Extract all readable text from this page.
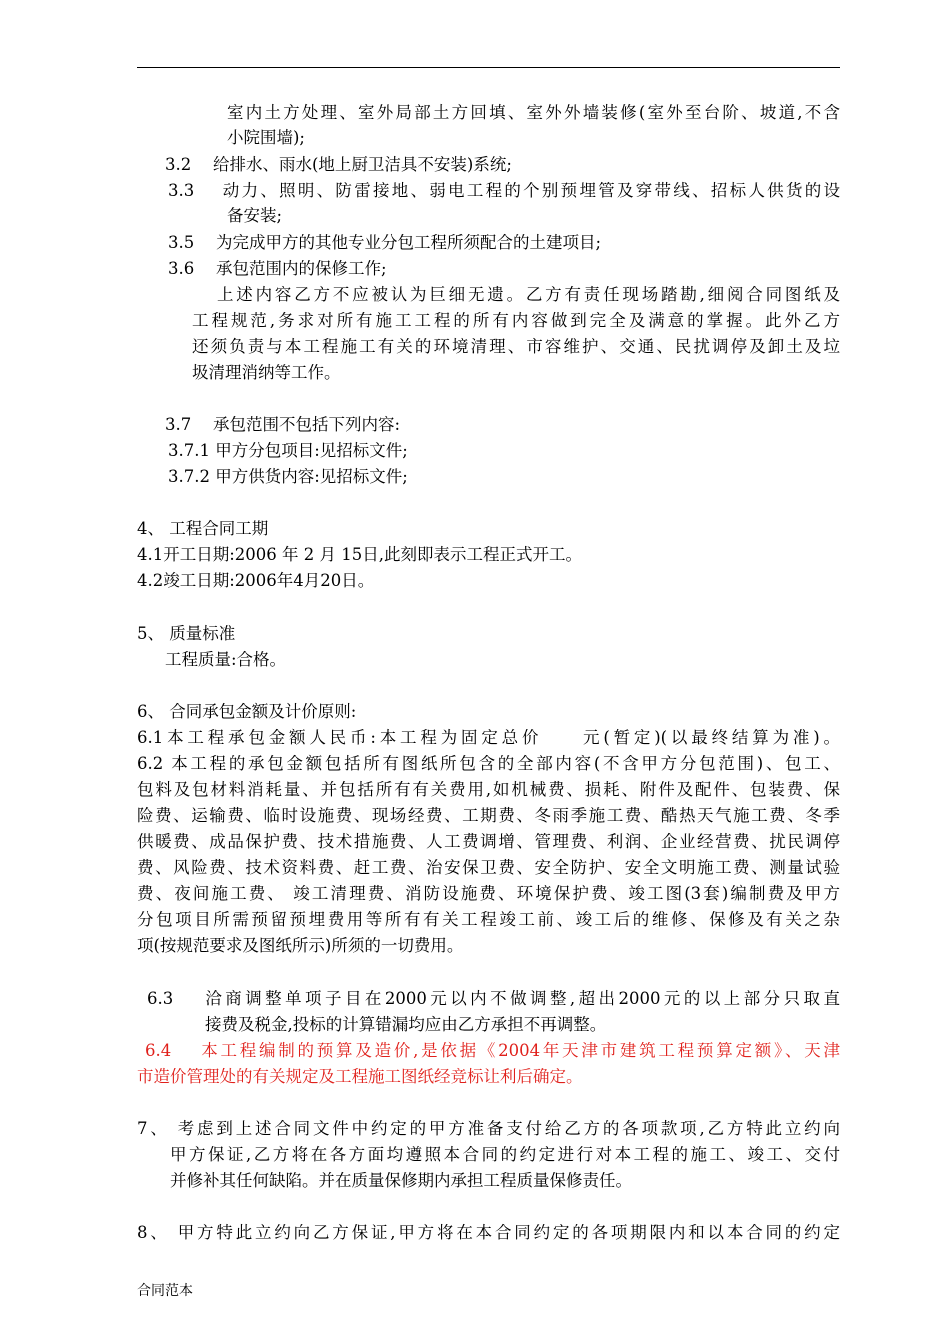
室内土方处理、室外局部土方回填、室外外墙装修(室外至台阶、坡道,不含
小院围墙);
3.2　 给排水、雨水(地上厨卫洁具不安装)系统;
3.3　 动力、照明、防雷接地、弱电工程的个别预埋管及穿带线、招标人供货的设
备安装;
3.5　 为完成甲方的其他专业分包工程所须配合的土建项目;
3.6　 承包范围内的保修工作;
上述内容乙方不应被认为巨细无遗。乙方有责任现场踏勘,细阅合同图纸及
工程规范,务求对所有施工工程的所有内容做到完全及满意的掌握。此外乙方
还须负责与本工程施工有关的环境清理、市容维护、交通、民扰调停及卸土及垃
圾清理消纳等工作。
3.7　 承包范围不包括下列内容:
3.7.1 甲方分包项目:见招标文件;
3.7.2 甲方供货内容:见招标文件;
4、 工程合同工期
4.1开工日期:2006 年 2 月 15日,此刻即表示工程正式开工。
4.2竣工日期:2006年4月20日。
5、 质量标准
工程质量:合格。
6、 合同承包金额及计价原则:
6.1本工程承包金额人民币:本工程为固定总价　　元(暂定)(以最终结算为准)。
6.2 本工程的承包金额包括所有图纸所包含的全部内容(不含甲方分包范围)、包工、
包料及包材料消耗量、并包括所有有关费用,如机械费、损耗、附件及配件、包装费、保
险费、运输费、临时设施费、现场经费、工期费、冬雨季施工费、酷热天气施工费、冬季
供暖费、成品保护费、技术措施费、人工费调增、管理费、利润、企业经营费、扰民调停
费、风险费、技术资料费、赶工费、治安保卫费、安全防护、安全文明施工费、测量试验
费、夜间施工费、 竣工清理费、消防设施费、环境保护费、竣工图(3套)编制费及甲方
分包项目所需预留预埋费用等所有有关工程竣工前、竣工后的维修、保修及有关之杂
项(按规范要求及图纸所示)所须的一切费用。
6.3　 洽商调整单项子目在2000元以内不做调整,超出2000元的以上部分只取直
接费及税金,投标的计算错漏均应由乙方承担不再调整。
6.4　 本工程编制的预算及造价,是依据《2004年天津市建筑工程预算定额》、天津
市造价管理处的有关规定及工程施工图纸经竞标让利后确定。
7、 考虑到上述合同文件中约定的甲方准备支付给乙方的各项款项,乙方特此立约向
甲方保证,乙方将在各方面均遵照本合同的约定进行对本工程的施工、竣工、交付
并修补其任何缺陷。并在质量保修期内承担工程质量保修责任。
8、 甲方特此立约向乙方保证,甲方将在本合同约定的各项期限内和以本合同的约定
合同范本
